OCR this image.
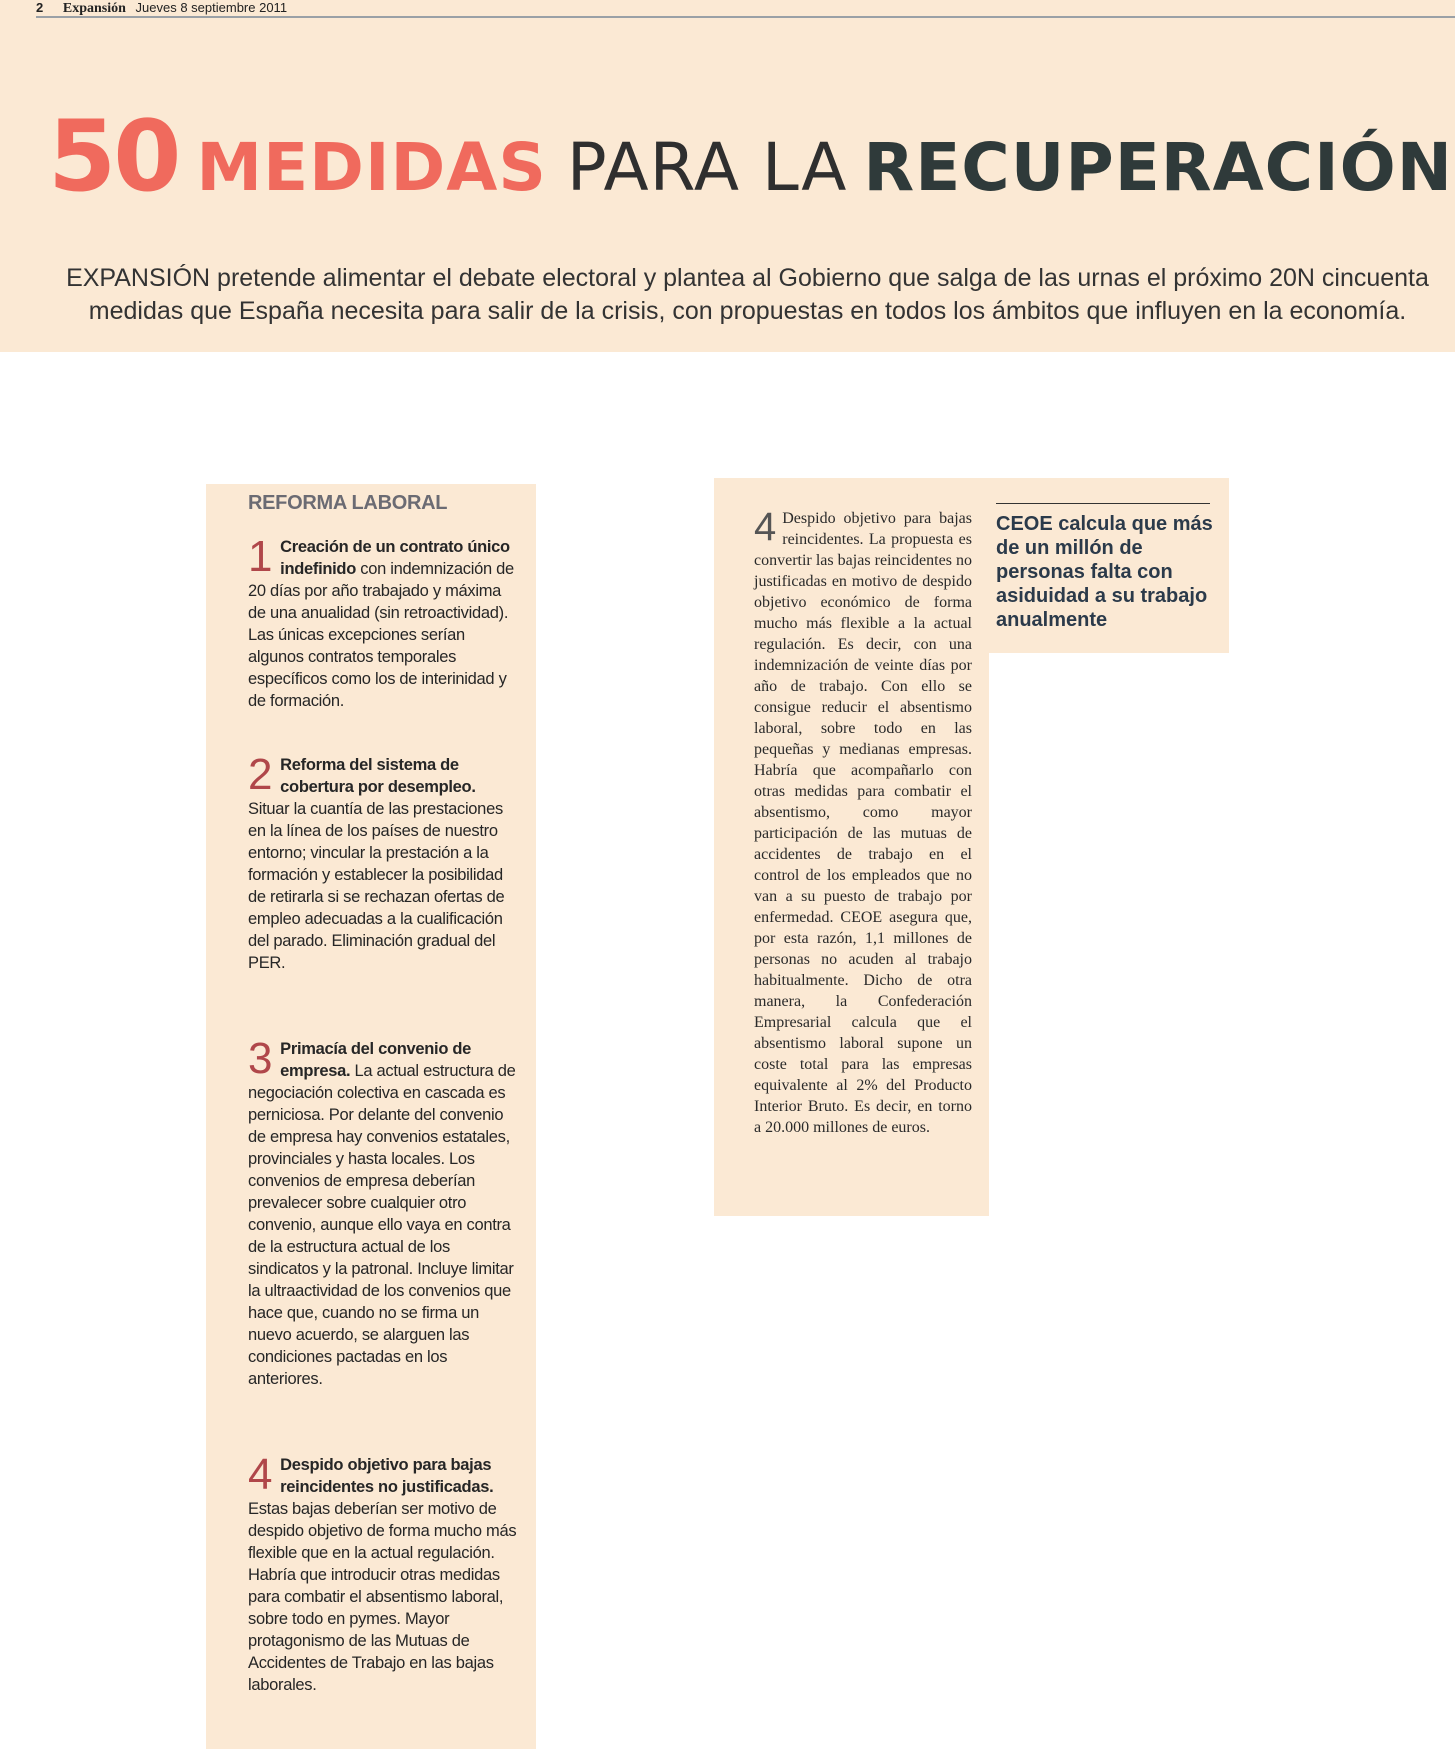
2 Expansión Jueves 8 septiembre 2011
50 MEDIDAS PARA LA RECUPERACIÓN
EXPANSIÓN pretende alimentar el debate electoral y plantea al Gobierno que salga de las urnas el próximo 20N cincuenta medidas que España necesita para salir de la crisis, con propuestas en todos los ámbitos que influyen en la economía.
REFORMA LABORAL
1 Creación de un contrato único indefinido con indemnización de 20 días por año trabajado y máxima de una anualidad (sin retroactividad). Las únicas excepciones serían algunos contratos temporales específicos como los de interinidad y de formación.
2 Reforma del sistema de cobertura por desempleo. Situar la cuantía de las prestaciones en la línea de los países de nuestro entorno; vincular la prestación a la formación y establecer la posibilidad de retirarla si se rechazan ofertas de empleo adecuadas a la cualificación del parado. Eliminación gradual del PER.
3 Primacía del convenio de empresa. La actual estructura de negociación colectiva en cascada es perniciosa. Por delante del convenio de empresa hay convenios estatales, provinciales y hasta locales. Los convenios de empresa deberían prevalecer sobre cualquier otro convenio, aunque ello vaya en contra de la estructura actual de los sindicatos y la patronal. Incluye limitar la ultraactividad de los convenios que hace que, cuando no se firma un nuevo acuerdo, se alarguen las condiciones pactadas en los anteriores.
4 Despido objetivo para bajas reincidentes no justificadas. Estas bajas deberían ser motivo de despido objetivo de forma mucho más flexible que en la actual regulación. Habría que introducir otras medidas para combatir el absentismo laboral, sobre todo en pymes. Mayor protagonismo de las Mutuas de Accidentes de Trabajo en las bajas laborales.
4 Despido objetivo para bajas reincidentes. La propuesta es convertir las bajas reincidentes no justificadas en motivo de despido objetivo económico de forma mucho más flexible a la actual regulación. Es decir, con una indemnización de veinte días por año de trabajo. Con ello se consigue reducir el absentismo laboral, sobre todo en las pequeñas y medianas empresas. Habría que acompañarlo con otras medidas para combatir el absentismo, como mayor participación de las mutuas de accidentes de trabajo en el control de los empleados que no van a su puesto de trabajo por enfermedad. CEOE asegura que, por esta razón, 1,1 millones de personas no acuden al trabajo habitualmente. Dicho de otra manera, la Confederación Empresarial calcula que el absentismo laboral supone un coste total para las empresas equivalente al 2% del Producto Interior Bruto. Es decir, en torno a 20.000 millones de euros.
CEOE calcula que más de un millón de personas falta con asiduidad a su trabajo anualmente
